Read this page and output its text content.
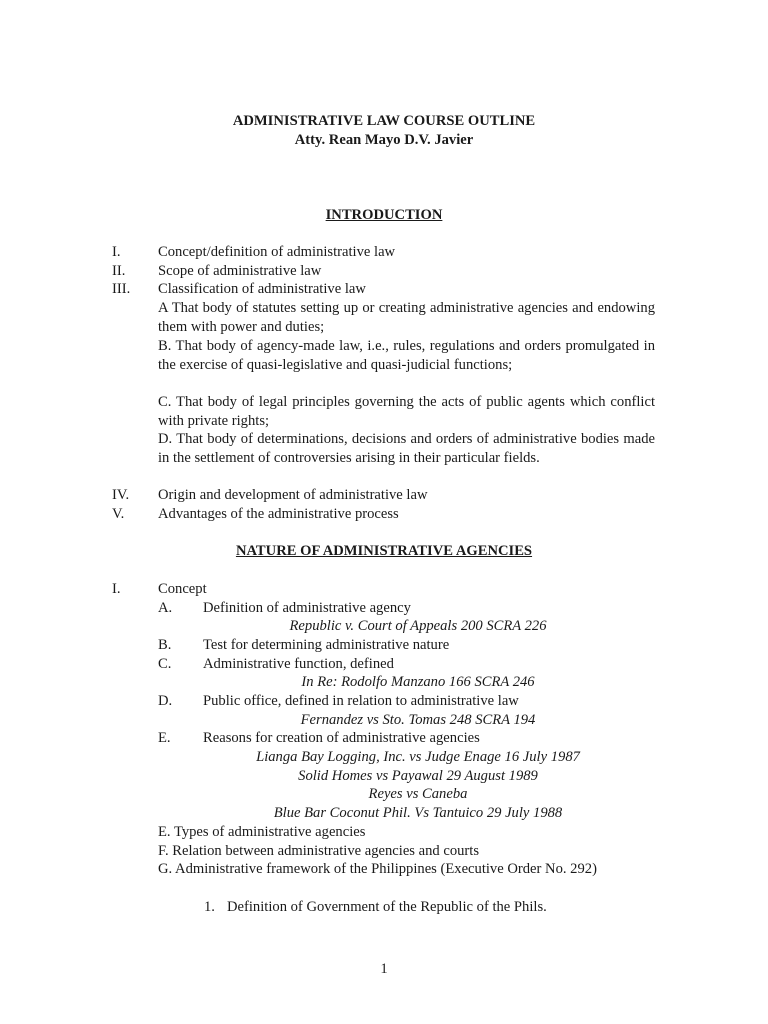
ADMINISTRATIVE LAW COURSE OUTLINE
Atty. Rean Mayo D.V. Javier
INTRODUCTION
I.	Concept/definition of administrative law
II. Scope of administrative law
III. Classification of administrative law
A That body of statutes setting up or creating administrative agencies and endowing them with power and duties;
B. That body of agency-made law, i.e., rules, regulations and orders promulgated in the exercise of quasi-legislative and quasi-judicial functions;
C. That body of legal principles governing the acts of public agents which conflict with private rights;
D. That body of determinations, decisions and orders of administrative bodies made in the settlement of controversies arising in their particular fields.
IV. Origin and development of administrative law
V. Advantages of the administrative process
NATURE OF ADMINISTRATIVE AGENCIES
I.	Concept
A. Definition of administrative agency
Republic v. Court of Appeals 200 SCRA 226
B. Test for determining administrative nature
C. Administrative function, defined
In Re: Rodolfo Manzano 166 SCRA 246
D. Public office, defined in relation to administrative law
Fernandez vs Sto. Tomas 248 SCRA 194
E. Reasons for creation of administrative agencies
Lianga Bay Logging, Inc. vs Judge Enage 16 July 1987
Solid Homes vs Payawal 29 August 1989
Reyes vs Caneba
Blue Bar Coconut Phil. Vs Tantuico 29 July 1988
E. Types of administrative agencies
F. Relation between administrative agencies and courts
G. Administrative framework of the Philippines (Executive Order No. 292)
1. Definition of Government of the Republic of the Phils.
1
